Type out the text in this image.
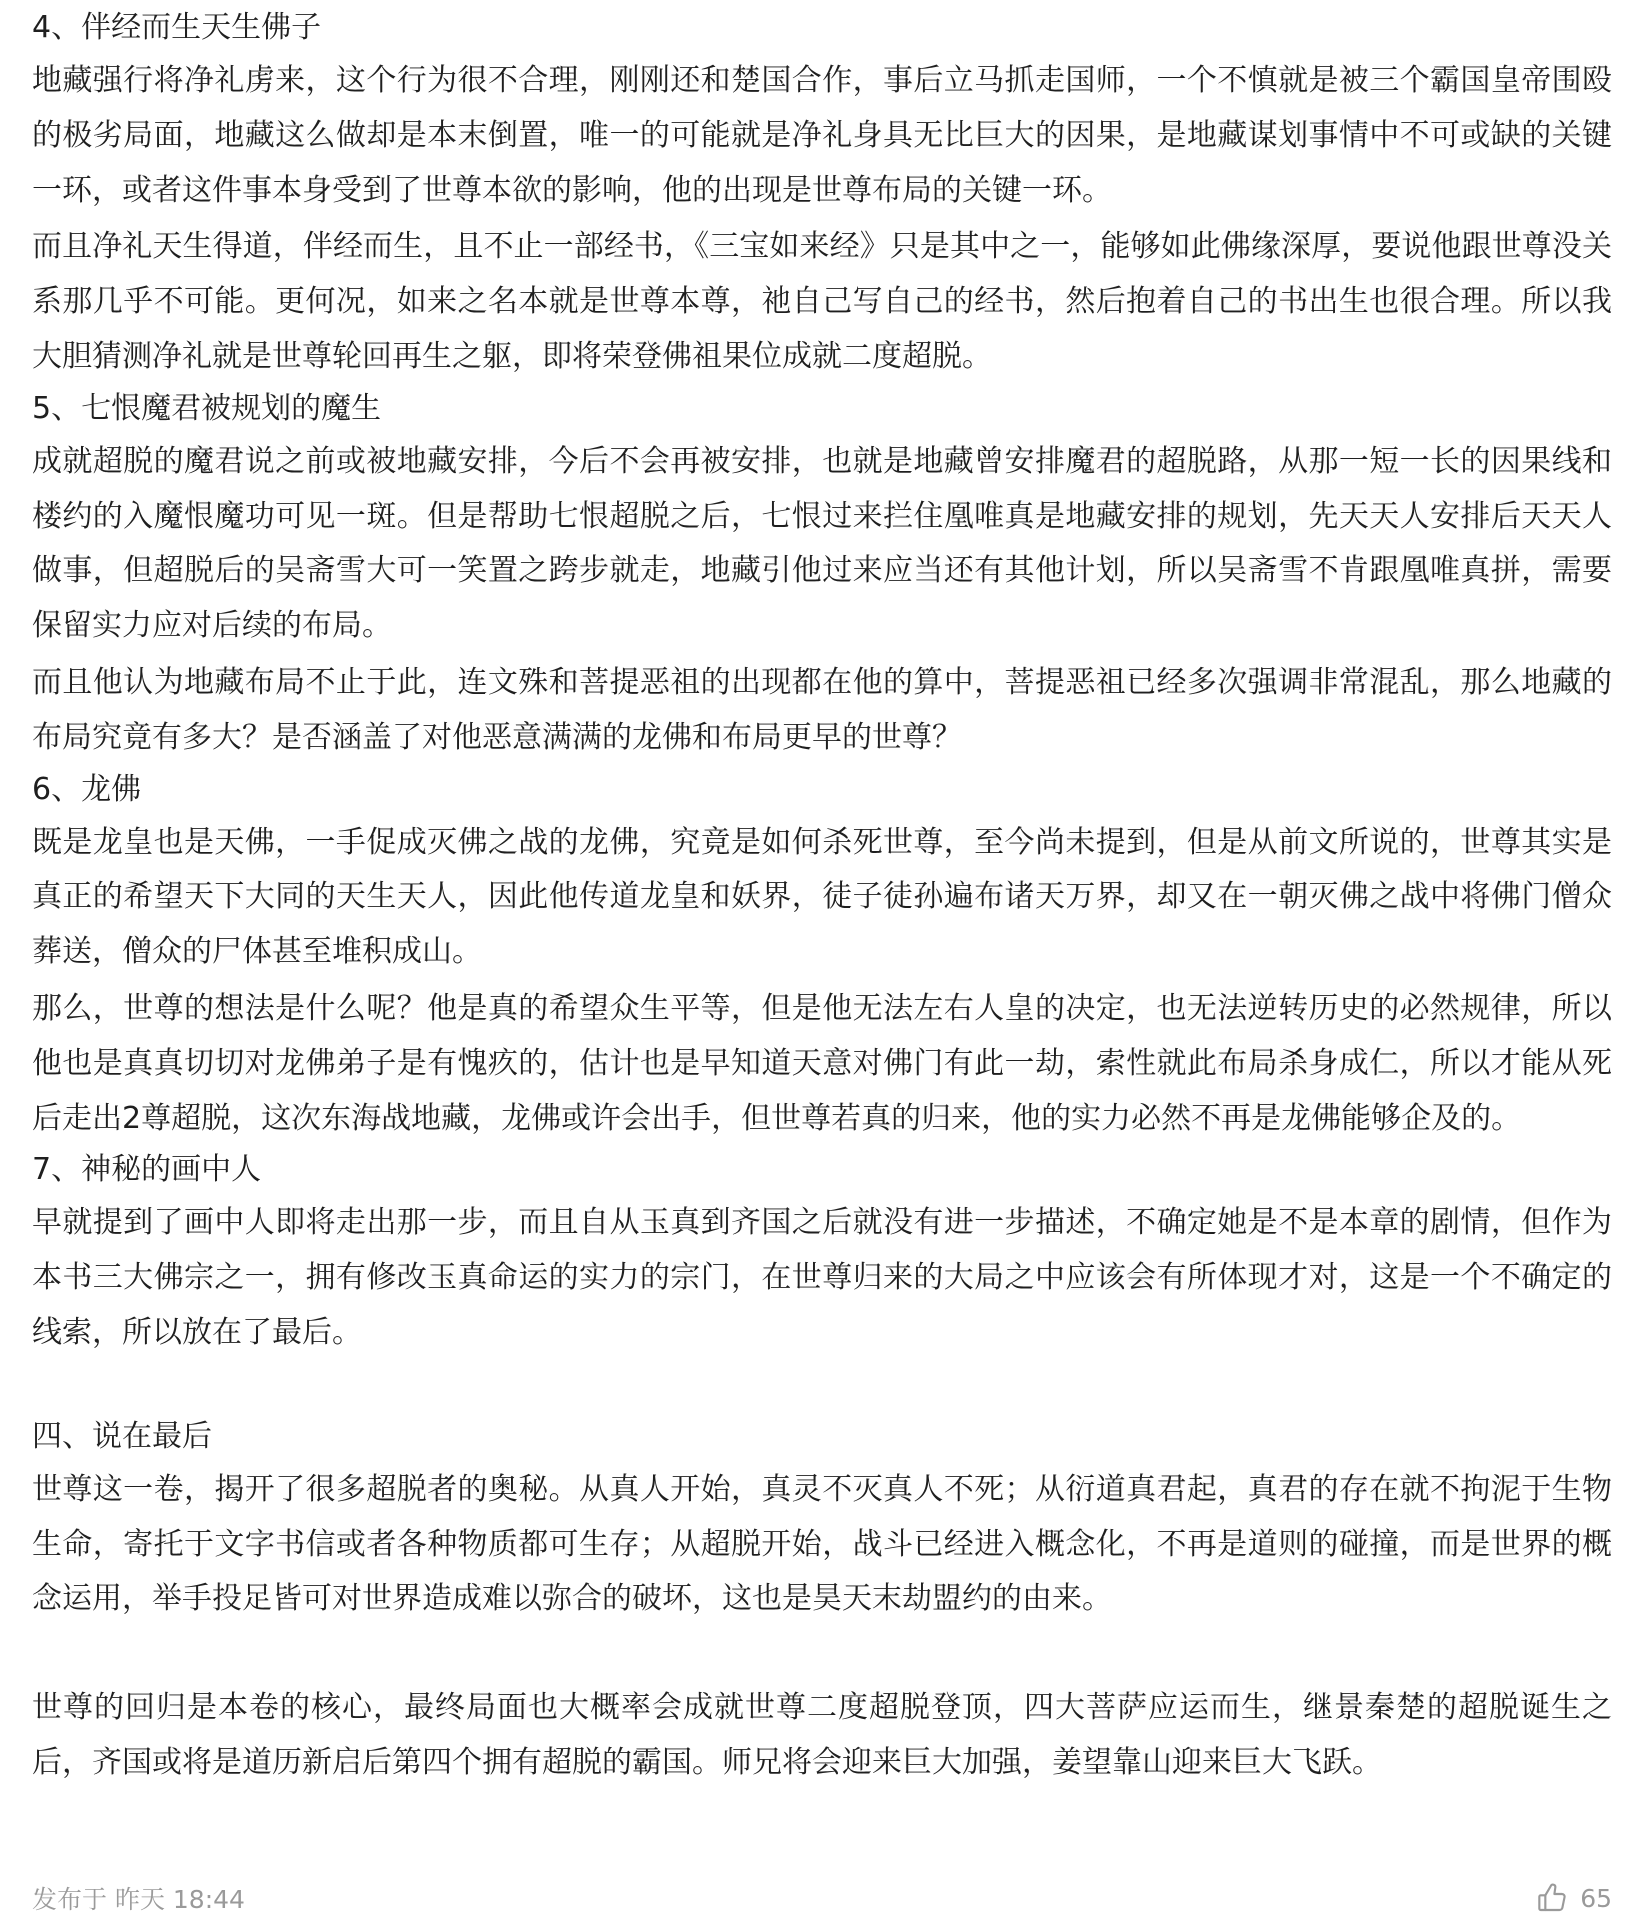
4、伴经而生天生佛子

地藏强行将净礼虏来，这个行为很不合理，刚刚还和楚国合作，事后立马抓走国师，一个不慎就是被三个霸国皇帝围殴的极劣局面，地藏这么做却是本末倒置，唯一的可能就是净礼身具无比巨大的因果，是地藏谋划事情中不可或缺的关键一环，或者这件事本身受到了世尊本欲的影响，他的出现是世尊布局的关键一环。

而且净礼天生得道，伴经而生，且不止一部经书，《三宝如来经》只是其中之一，能够如此佛缘深厚，要说他跟世尊没关系那几乎不可能。更何况，如来之名本就是世尊本尊，祂自己写自己的经书，然后抱着自己的书出生也很合理。所以我大胆猜测净礼就是世尊轮回再生之躯，即将荣登佛祖果位成就二度超脱。

5、七恨魔君被规划的魔生

成就超脱的魔君说之前或被地藏安排，今后不会再被安排，也就是地藏曾安排魔君的超脱路，从那一短一长的因果线和楼约的入魔恨魔功可见一斑。但是帮助七恨超脱之后，七恨过来拦住凰唯真是地藏安排的规划，先天天人安排后天天人做事，但超脱后的吴斋雪大可一笑置之跨步就走，地藏引他过来应当还有其他计划，所以吴斋雪不肯跟凰唯真拼，需要保留实力应对后续的布局。

而且他认为地藏布局不止于此，连文殊和菩提恶祖的出现都在他的算中，菩提恶祖已经多次强调非常混乱，那么地藏的布局究竟有多大？是否涵盖了对他恶意满满的龙佛和布局更早的世尊？

6、龙佛

既是龙皇也是天佛，一手促成灭佛之战的龙佛，究竟是如何杀死世尊，至今尚未提到，但是从前文所说的，世尊其实是真正的希望天下大同的天生天人，因此他传道龙皇和妖界，徒子徒孙遍布诸天万界，却又在一朝灭佛之战中将佛门僧众葬送，僧众的尸体甚至堆积成山。

那么，世尊的想法是什么呢？他是真的希望众生平等，但是他无法左右人皇的决定，也无法逆转历史的必然规律，所以他也是真真切切对龙佛弟子是有愧疚的，估计也是早知道天意对佛门有此一劫，索性就此布局杀身成仁，所以才能从死后走出2尊超脱，这次东海战地藏，龙佛或许会出手，但世尊若真的归来，他的实力必然不再是龙佛能够企及的。

7、神秘的画中人

早就提到了画中人即将走出那一步，而且自从玉真到齐国之后就没有进一步描述，不确定她是不是本章的剧情，但作为本书三大佛宗之一，拥有修改玉真命运的实力的宗门，在世尊归来的大局之中应该会有所体现才对，这是一个不确定的线索，所以放在了最后。

四、说在最后

世尊这一卷，揭开了很多超脱者的奥秘。从真人开始，真灵不灭真人不死；从衍道真君起，真君的存在就不拘泥于生物生命，寄托于文字书信或者各种物质都可生存；从超脱开始，战斗已经进入概念化，不再是道则的碰撞，而是世界的概念运用，举手投足皆可对世界造成难以弥合的破坏，这也是昊天末劫盟约的由来。

世尊的回归是本卷的核心，最终局面也大概率会成就世尊二度超脱登顶，四大菩萨应运而生，继景秦楚的超脱诞生之后，齐国或将是道历新启后第四个拥有超脱的霸国。师兄将会迎来巨大加强，姜望靠山迎来巨大飞跃。

发布于 昨天 18:44	65
